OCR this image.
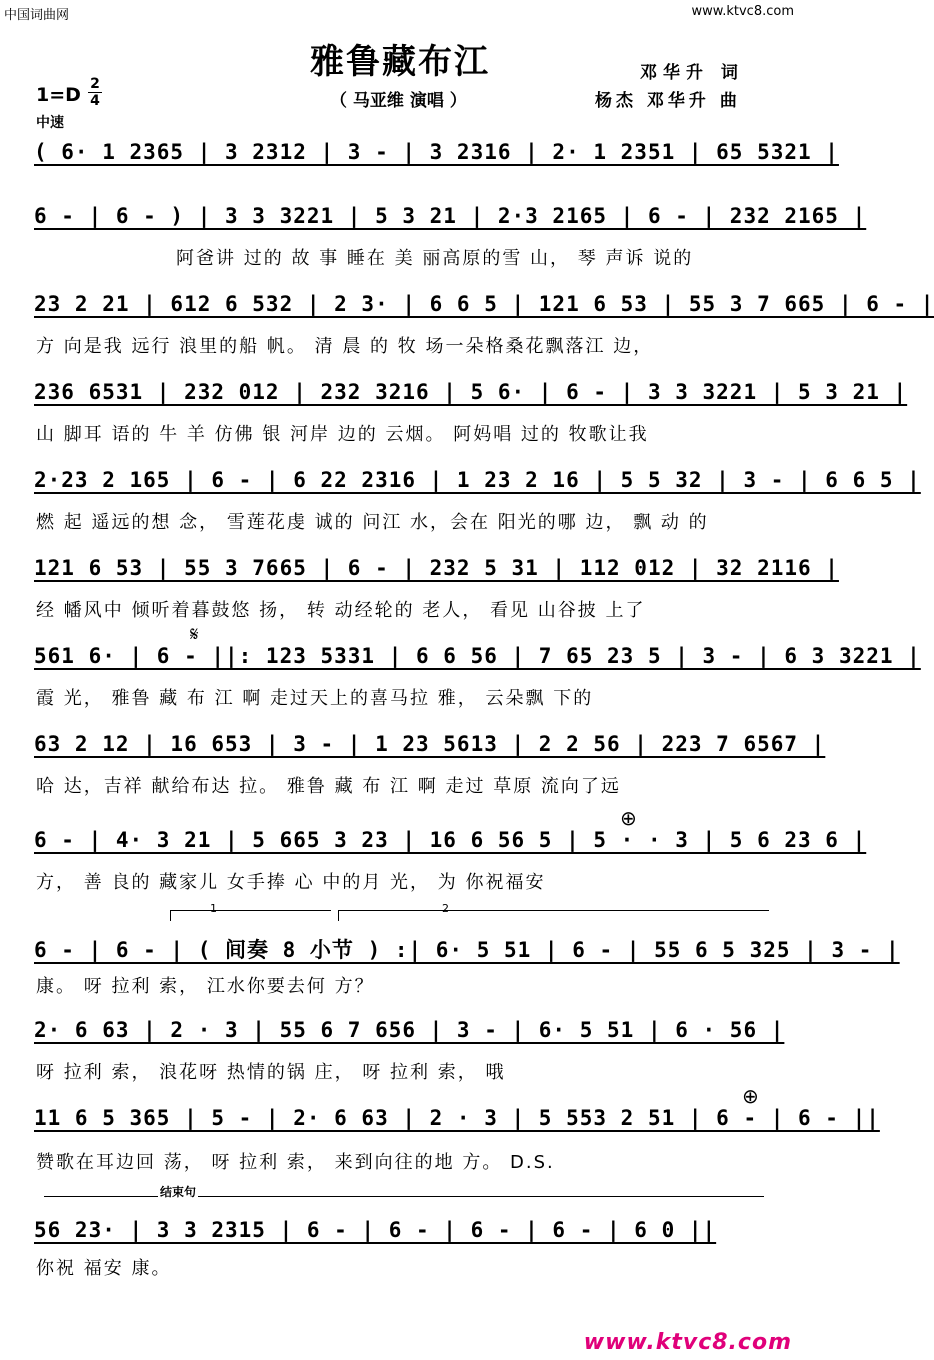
中国词曲网	www.ktvc8.com
雅鲁藏布江
（ 马亚维 演唱 ）
邓华升 词
杨杰 邓华升 曲
1=D 2
4
中速
( 6· 1 2365 | 3 2312 | 3 - | 3 2316 | 2· 1 2351 | 65 5321 |
6 - | 6 - ) | 3 3 3221 | 5 3 21 | 2·3 2165 | 6 - | 232 2165 |
阿爸讲 过的 故 事 睡在 美 丽高原的雪 山， 琴 声诉 说的
23 2 21 | 612 6 532 | 2 3· | 6 6 5 | 121 6 53 | 55 3 7 665 | 6 - |
方 向是我 远行 浪里的船 帆。 清 晨 的 牧 场一朵格桑花飘落江 边，
236 6531 | 232 012 | 232 3216 | 5 6· | 6 - | 3 3 3221 | 5 3 21 |
山 脚耳 语的 牛 羊 仿佛 银 河岸 边的 云烟。 阿妈唱 过的 牧歌让我
2·23 2 165 | 6 - | 6 22 2316 | 1 23 2 16 | 5 5 32 | 3 - | 6 6 5 |
燃 起 遥远的想 念， 雪莲花虔 诚的 问江 水，会在 阳光的哪 边， 飘 动 的
121 6 53 | 55 3 7665 | 6 - | 232 5 31 | 112 012 | 32 2116 |
经 幡风中 倾听着暮鼓悠 扬， 转 动经轮的 老人， 看见 山谷披 上了
𝄋
561 6· | 6 - ||: 123 5331 | 6 6 56 | 7 65 23 5 | 3 - | 6 3 3221 |
霞 光， 雅鲁 藏 布 江 啊 走过天上的喜马拉 雅， 云朵飘 下的
63 2 12 | 16 653 | 3 - | 1 23 5613 | 2 2 56 | 223 7 6567 |
哈 达，吉祥 献给布达 拉。 雅鲁 藏 布 江 啊 走过 草原 流向了远
⊕
6 - | 4· 3 21 | 5 665 3 23 | 16 6 56 5 | 5 · · 3 | 5 6 23 6 |
方， 善 良的 藏家儿 女手捧 心 中的月 光， 为 你祝福安
1	2
6 - | 6 - | ( 间奏 8 小节 ) :| 6· 5 51 | 6 - | 55 6 5 325 | 3 - |
康。 呀 拉利 索， 江水你要去何 方？
2· 6 63 | 2 · 3 | 55 6 7 656 | 3 - | 6· 5 51 | 6 · 56 |
呀 拉利 索， 浪花呀 热情的锅 庄， 呀 拉利 索， 哦
⊕
11 6 5 365 | 5 - | 2· 6 63 | 2 · 3 | 5 553 2 51 | 6 - | 6 - ||
赞歌在耳边回 荡， 呀 拉利 索， 来到向往的地 方。 D.S.
结束句
56 23· | 3 3 2315 | 6 - | 6 - | 6 - | 6 - | 6 0 ||
你祝 福安 康。
www.ktvc8.com
